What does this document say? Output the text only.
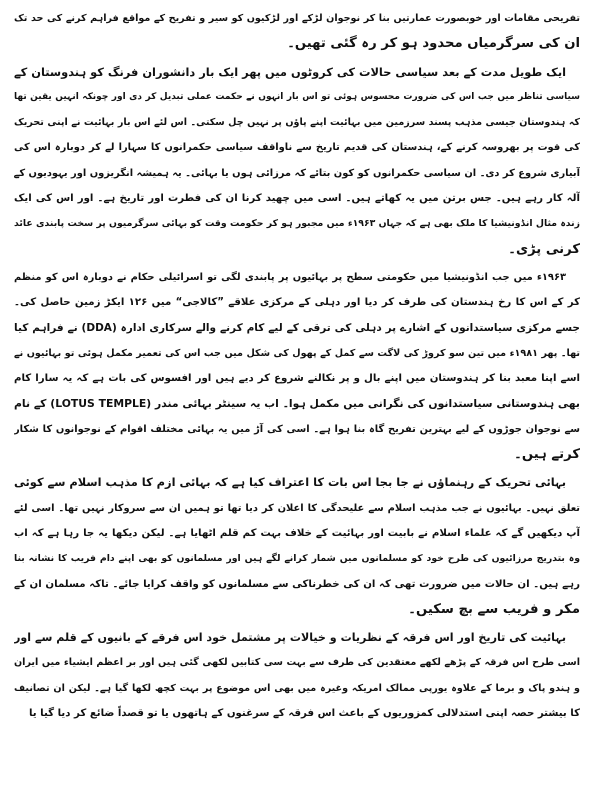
تفریحی مقامات اور خوبصورت عمارتیں بنا کر نوجوان لڑکے اور لڑکیوں کو سیر و تفریح کے مواقع فراہم کرنے کی حد تک
ان کی سرگرمیاں محدود ہو کر رہ گئی تھیں۔
ایک طویل مدت کے بعد سیاسی حالات کی کروٹوں میں پھر ایک بار دانشوران فرنگ کو ہندوستان کے
سیاسی تناظر میں جب اس کی ضرورت محسوس ہوئی تو اس بار انہوں نے حکمت عملی تبدیل کر دی اور چونکہ انہیں یقین تھا
کہ ہندوستان جیسی مذہب پسند سرزمین میں بہائیت اپنے پاؤں پر نہیں چل سکتی۔ اس لئے اس بار بہائیت نے اپنی تحریک
کی قوت پر بھروسہ کرنے کے، ہندستان کی قدیم تاریخ سے ناواقف سیاسی حکمرانوں کا سہارا لے کر دوبارہ اس کی
آبیاری شروع کر دی۔ ان سیاسی حکمرانوں کو کون بتائے کہ مرزائی ہوں یا بہائی۔ یہ ہمیشہ انگریزوں اور یہودیوں کے
آلہ کار رہے ہیں۔ جس برتن میں یہ کھاتے ہیں۔ اسی میں چھید کرنا ان کی فطرت اور تاریخ ہے۔ اور اس کی ایک
زندہ مثال انڈونیشیا کا ملک بھی ہے کہ جہاں ۱۹۶۳ء میں مجبور ہو کر حکومت وقت کو بہائی سرگرمیوں پر سخت پابندی عائد
کرنی پڑی۔
۱۹۶۳ء میں جب انڈونیشیا میں حکومتی سطح پر بہائیوں پر پابندی لگی تو اسرائیلی حکام نے دوبارہ اس کو منظم
کر کے اس کا رخ ہندستان کی طرف کر دیا اور دہلی کے مرکزی علاقے ”کالاجی“ میں ۱۲۶ ایکڑ زمین حاصل کی۔
جسے مرکزی سیاستدانوں کے اشارے پر دہلی کی ترقی کے لیے کام کرنے والے سرکاری ادارہ (DDA) نے فراہم کیا
تھا۔ پھر ۱۹۸۱ء میں تین سو کروڑ کی لاگت سے کمل کے پھول کی شکل میں جب اس کی تعمیر مکمل ہوئی تو بہائیوں نے
اسے اپنا معبد بنا کر ہندوستان میں اپنے بال و پر نکالنے شروع کر دیے ہیں اور افسوس کی بات ہے کہ یہ سارا کام
بھی ہندوستانی سیاستدانوں کی نگرانی میں مکمل ہوا۔ اب یہ سینٹر بہائی مندر (LOTUS TEMPLE) کے نام
سے نوجوان جوڑوں کے لیے بہترین تفریح گاہ بنا ہوا ہے۔ اسی کی آڑ میں یہ بہائی مختلف اقوام کے نوجوانوں کا شکار
کرتے ہیں۔
بہائی تحریک کے رہنماؤں نے جا بجا اس بات کا اعتراف کیا ہے کہ بہائی ازم کا مذہب اسلام سے کوئی
تعلق نہیں۔ بہائیوں نے جب مذہب اسلام سے علیحدگی کا اعلان کر دیا تھا تو ہمیں ان سے سروکار نہیں تھا۔ اسی لئے
آپ دیکھیں گے کہ علماء اسلام نے بابیت اور بہائیت کے خلاف بہت کم قلم اٹھایا ہے۔ لیکن دیکھا یہ جا رہا ہے کہ اب
وہ بتدریج مرزائیوں کی طرح خود کو مسلمانوں میں شمار کرانے لگے ہیں اور مسلمانوں کو بھی اپنے دام فریب کا نشانہ بنا
رہے ہیں۔ ان حالات میں ضرورت تھی کہ ان کی خطرناکی سے مسلمانوں کو واقف کرایا جائے۔ تاکہ مسلمان ان کے
مکر و فریب سے بچ سکیں۔
بہائیت کی تاریخ اور اس فرقہ کے نظریات و خیالات پر مشتمل خود اس فرقے کے بانیوں کے قلم سے اور
اسی طرح اس فرقہ کے پڑھے لکھے معتقدین کی طرف سے بہت سی کتابیں لکھی گئی ہیں اور بر اعظم ایشیاء میں ایران
و ہندو پاک و برما کے علاوہ یورپی ممالک امریکہ وغیرہ میں بھی اس موضوع پر بہت کچھ لکھا گیا ہے۔ لیکن ان تصانیف
کا بیشتر حصہ اپنی استدلالی کمزوریوں کے باعث اس فرقہ کے سرغنوں کے ہاتھوں یا تو قصداً ضائع کر دیا گیا یا
